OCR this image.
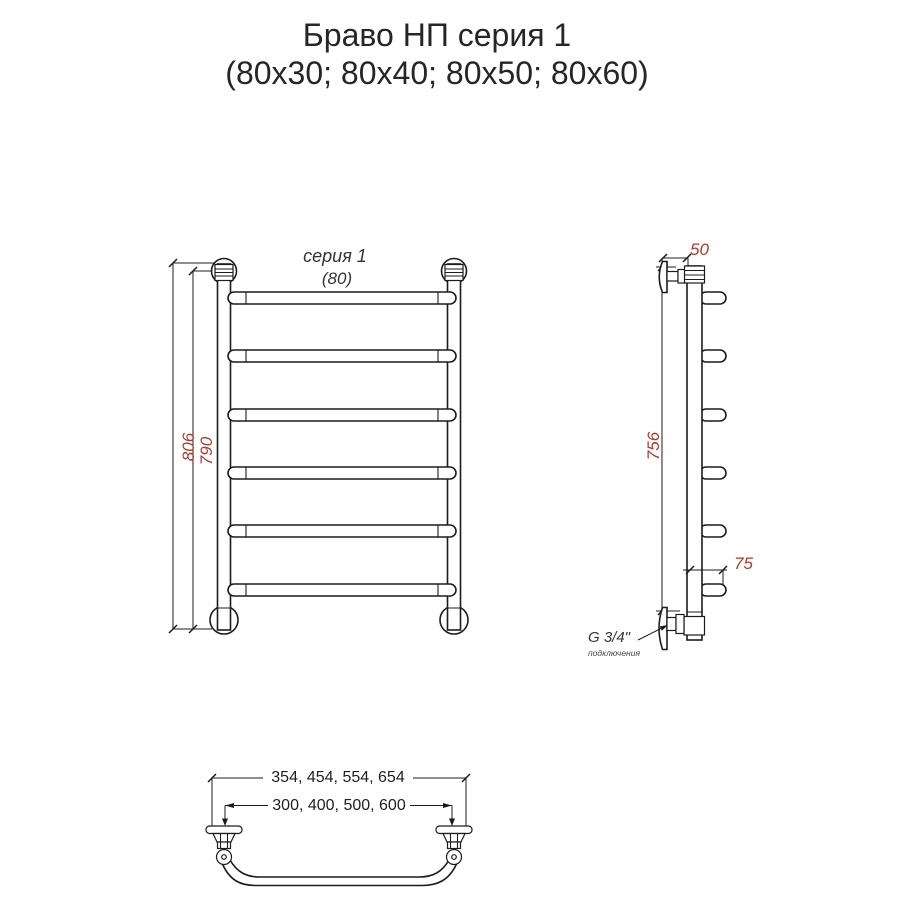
Браво НП серия 1
(80x30; 80x40; 80x50; 80x60)
серия 1
(80)
806 790
50
756
75
G 3/4"
подключения
354, 454, 554, 654
300, 400, 500, 600
